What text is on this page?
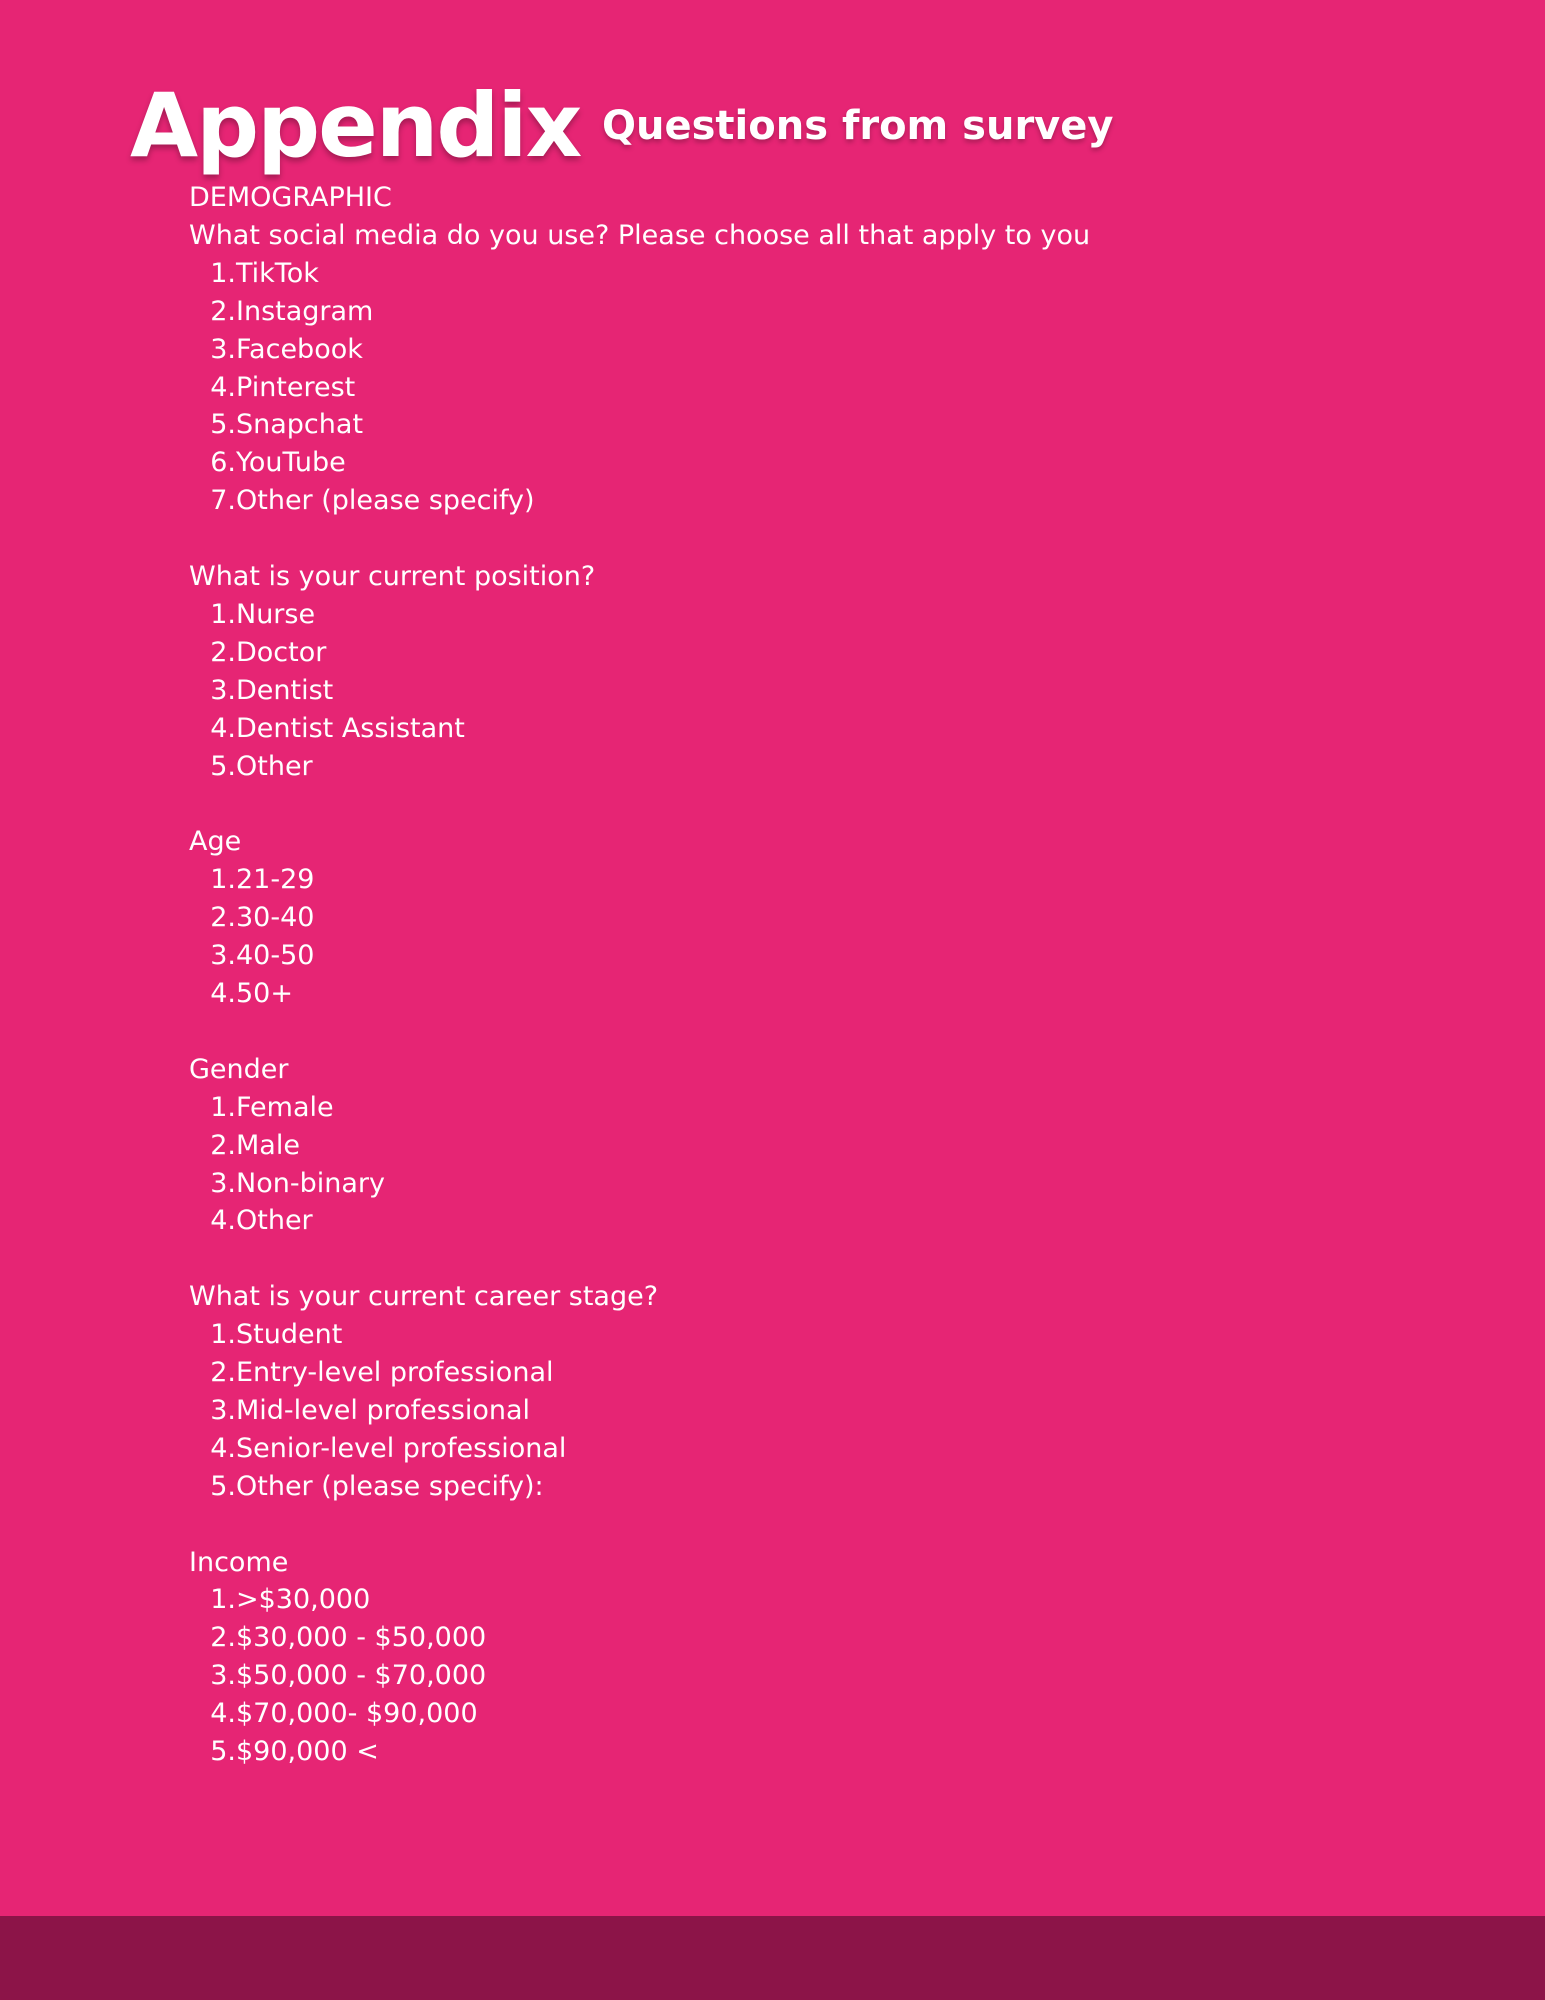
Appendix Questions from survey
DEMOGRAPHIC
What social media do you use? Please choose all that apply to you
1.TikTok
2.Instagram
3.Facebook
4.Pinterest
5.Snapchat
6.YouTube
7.Other (please specify)
What is your current position?
1.Nurse
2.Doctor
3.Dentist
4.Dentist Assistant
5.Other
Age
1.21-29
2.30-40
3.40-50
4.50+
Gender
1.Female
2.Male
3.Non-binary
4.Other
What is your current career stage?
1.Student
2.Entry-level professional
3.Mid-level professional
4.Senior-level professional
5.Other (please specify):
Income
1.>$30,000
2.$30,000 - $50,000
3.$50,000 - $70,000
4.$70,000- $90,000
5.$90,000 <
